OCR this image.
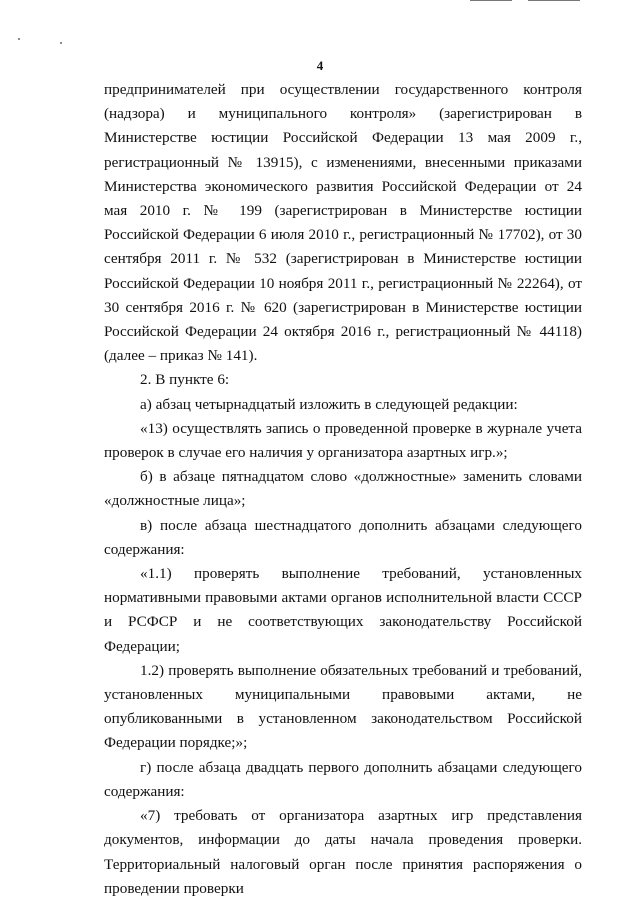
4

предпринимателей при осуществлении государственного контроля (надзора) и муниципального контроля» (зарегистрирован в Министерстве юстиции Российской Федерации 13 мая 2009 г., регистрационный № 13915), с изменениями, внесенными приказами Министерства экономического развития Российской Федерации от 24 мая 2010 г. № 199 (зарегистрирован в Министерстве юстиции Российской Федерации 6 июля 2010 г., регистрационный № 17702), от 30 сентября 2011 г. № 532 (зарегистрирован в Министерстве юстиции Российской Федерации 10 ноября 2011 г., регистрационный № 22264), от 30 сентября 2016 г. № 620 (зарегистрирован в Министерстве юстиции Российской Федерации 24 октября 2016 г., регистрационный № 44118) (далее – приказ № 141).

2. В пункте 6:

а) абзац четырнадцатый изложить в следующей редакции:

«13) осуществлять запись о проведенной проверке в журнале учета проверок в случае его наличия у организатора азартных игр.»;

б) в абзаце пятнадцатом слово «должностные» заменить словами «должностные лица»;

в) после абзаца шестнадцатого дополнить абзацами следующего содержания:

«1.1) проверять выполнение требований, установленных нормативными правовыми актами органов исполнительной власти СССР и РСФСР и не соответствующих законодательству Российской Федерации;

1.2) проверять выполнение обязательных требований и требований, установленных муниципальными правовыми актами, не опубликованными в установленном законодательством Российской Федерации порядке;»;

г) после абзаца двадцать первого дополнить абзацами следующего содержания:

«7) требовать от организатора азартных игр представления документов, информации до даты начала проведения проверки. Территориальный налоговый орган после принятия распоряжения о проведении проверки
